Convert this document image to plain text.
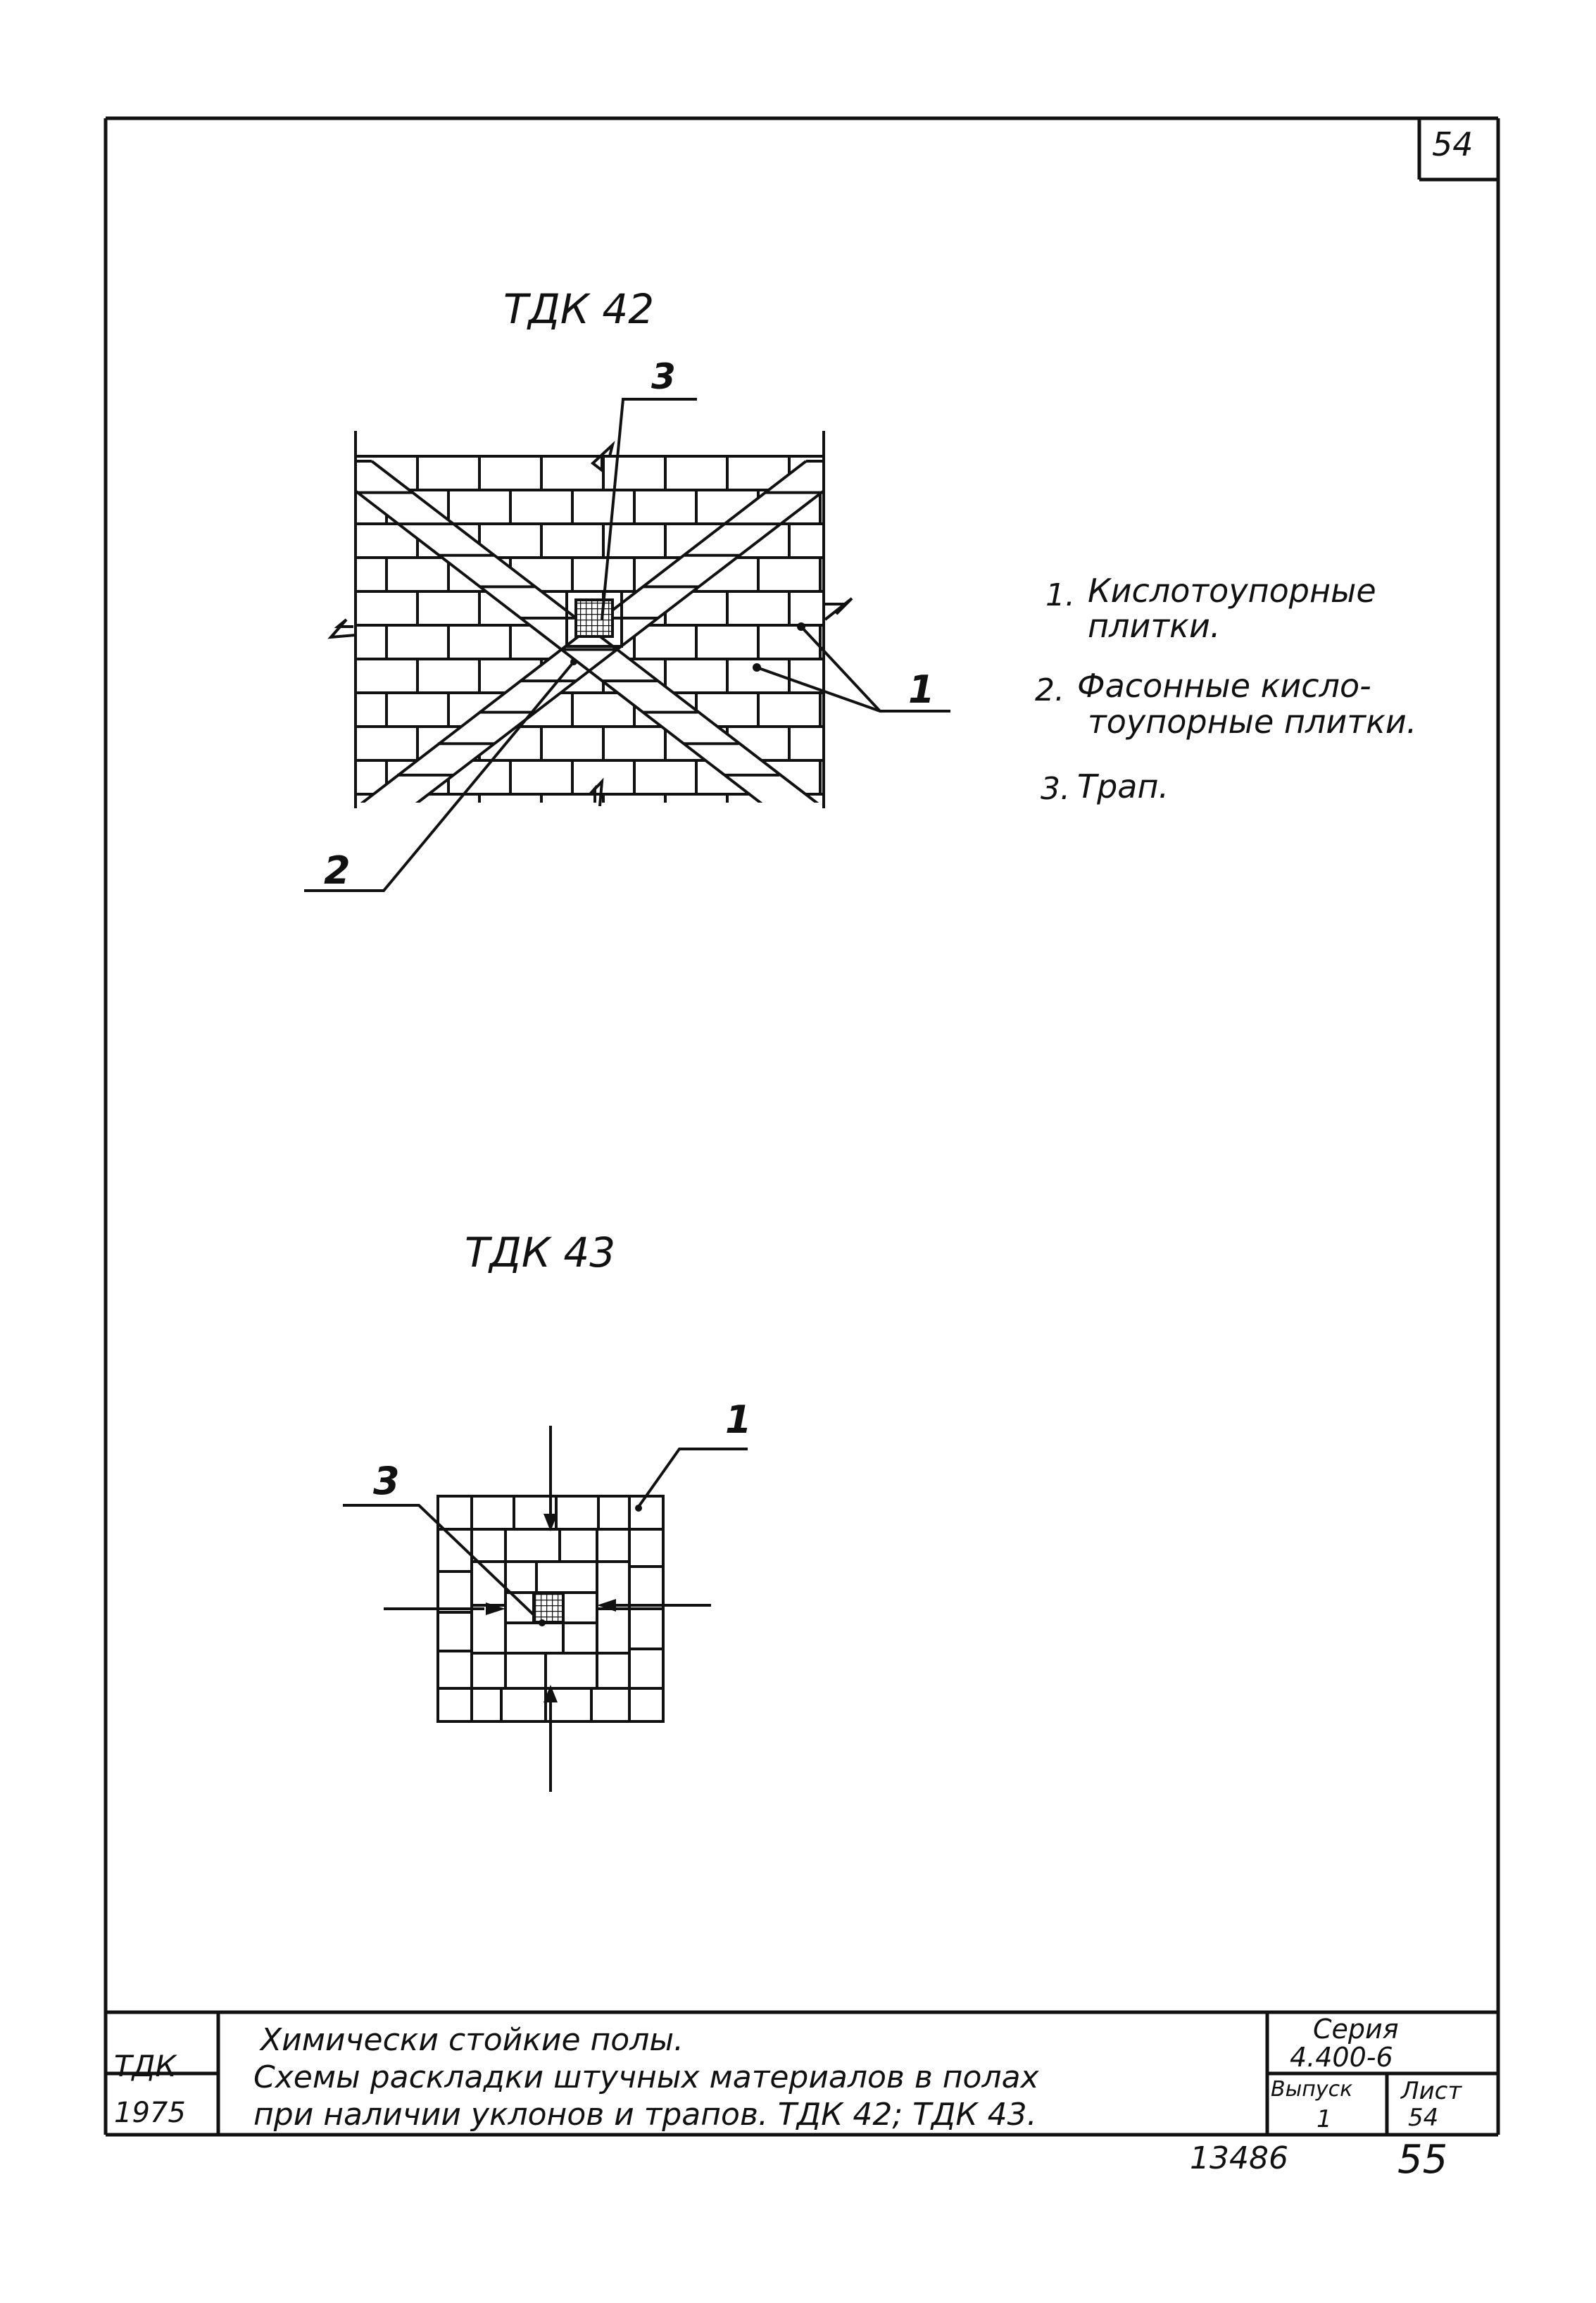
54
ТДК 42
3
1
2
1. Кислотоупорные
плитки.
2. Фасонные кисло-
тоупорные плитки.
3. Трап.
ТДК 43
1
3
ТДК
1975
Химически стойкие полы.
Схемы раскладки штучных материалов в полах
при наличии уклонов и трапов. ТДК 42; ТДК 43.
Серия
4.400-6
Выпуск
1
Лист
54
13486	55
